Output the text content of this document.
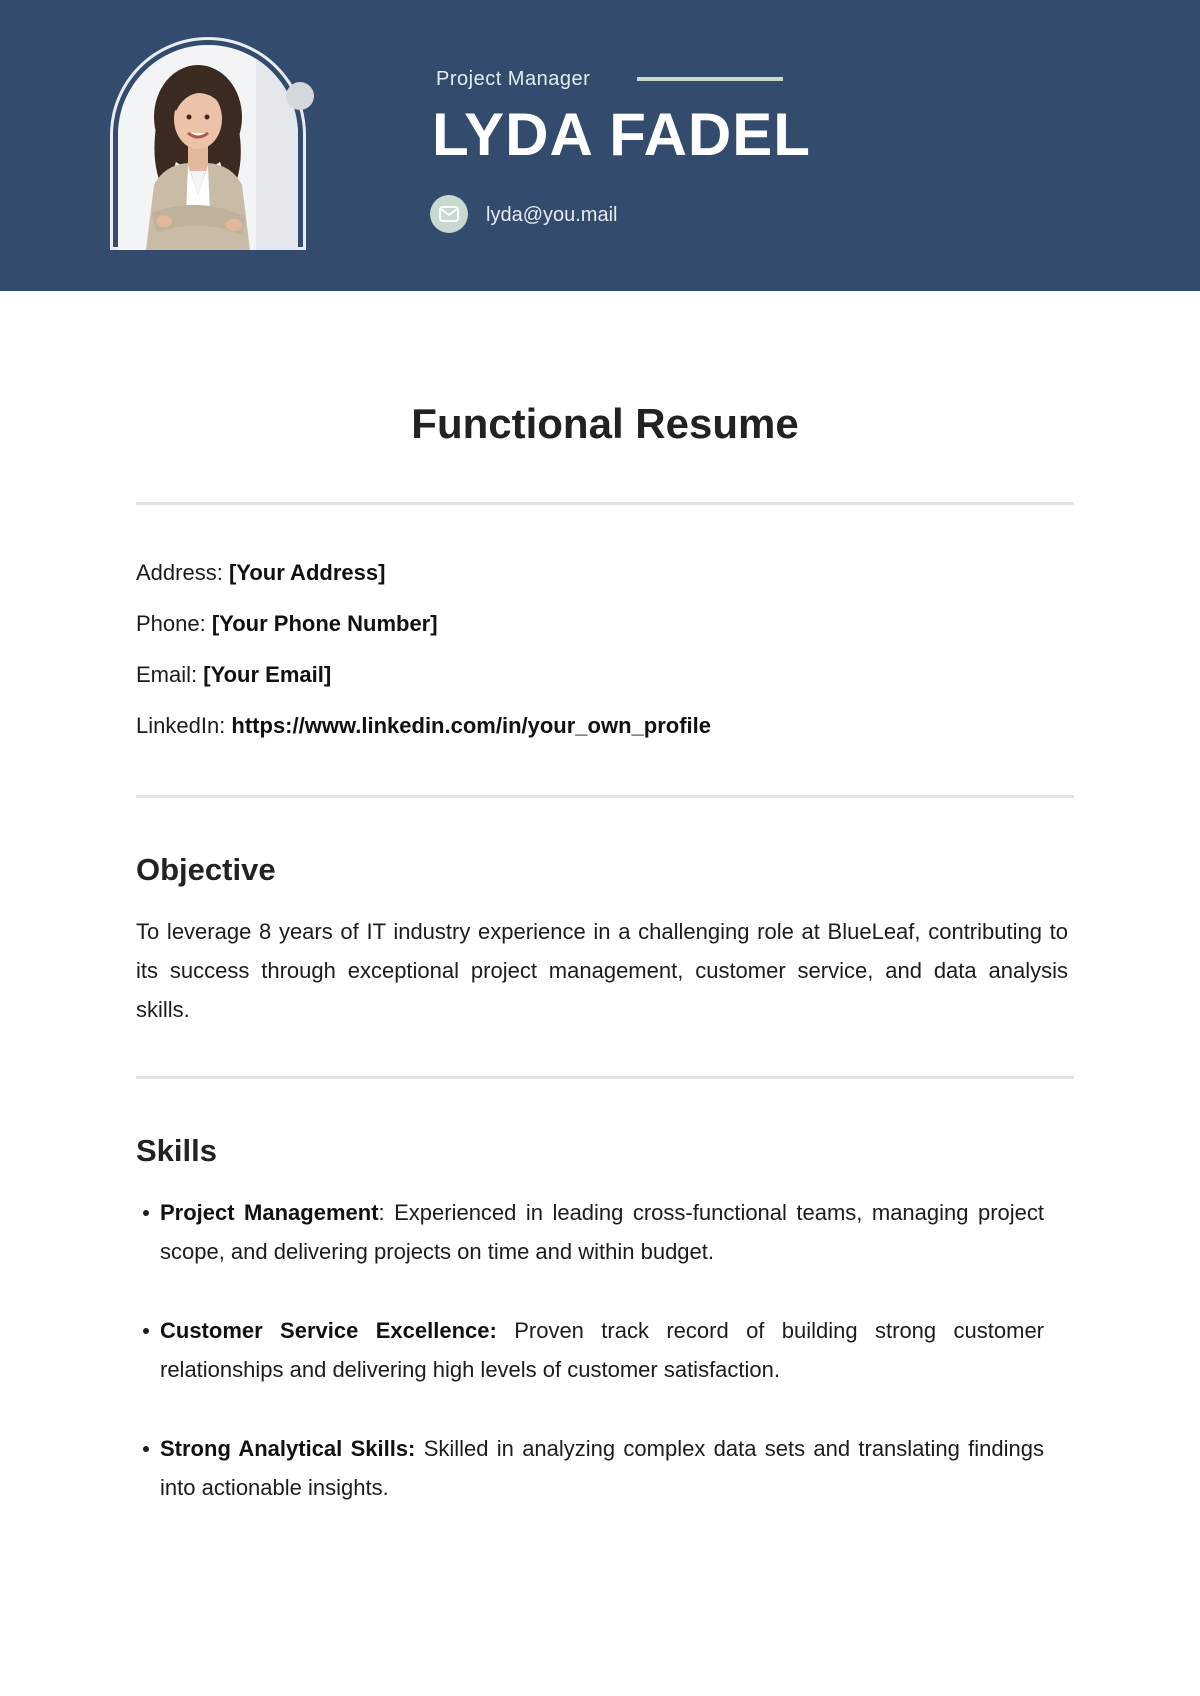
Project Manager
LYDA FADEL
lyda@you.mail
Functional Resume
Address: [Your Address]
Phone: [Your Phone Number]
Email: [Your Email]
LinkedIn: https://www.linkedin.com/in/your_own_profile
Objective
To leverage 8 years of IT industry experience in a challenging role at BlueLeaf, contributing to its success through exceptional project management, customer service, and data analysis skills.
Skills
Project Management: Experienced in leading cross-functional teams, managing project scope, and delivering projects on time and within budget.
Customer Service Excellence: Proven track record of building strong customer relationships and delivering high levels of customer satisfaction.
Strong Analytical Skills: Skilled in analyzing complex data sets and translating findings into actionable insights.
